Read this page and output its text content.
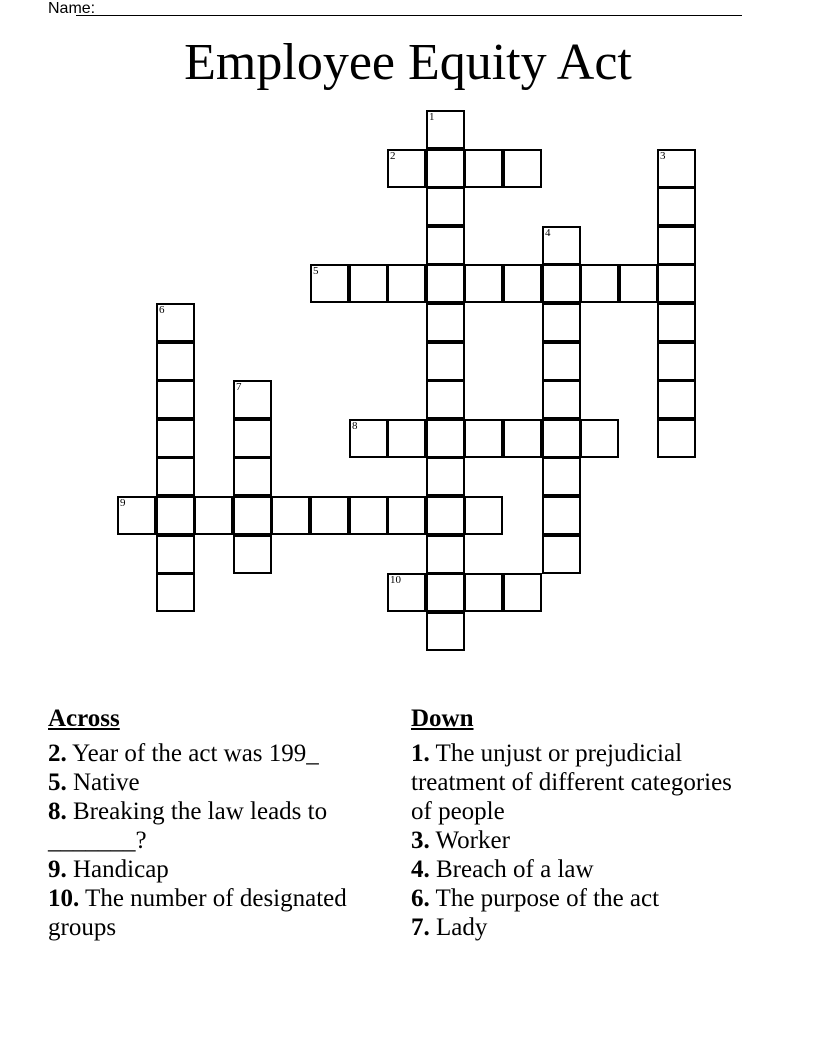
Name:
Employee Equity Act
1
2	3
4
5
6
7
8
9
10
Across

2. Year of the act was 199_

5. Native

8. Breaking the law leads to _______?

9. Handicap

10. The number of designated groups

Down

1. The unjust or prejudicial treatment of different categories of people

3. Worker

4. Breach of a law

6. The purpose of the act

7. Lady
